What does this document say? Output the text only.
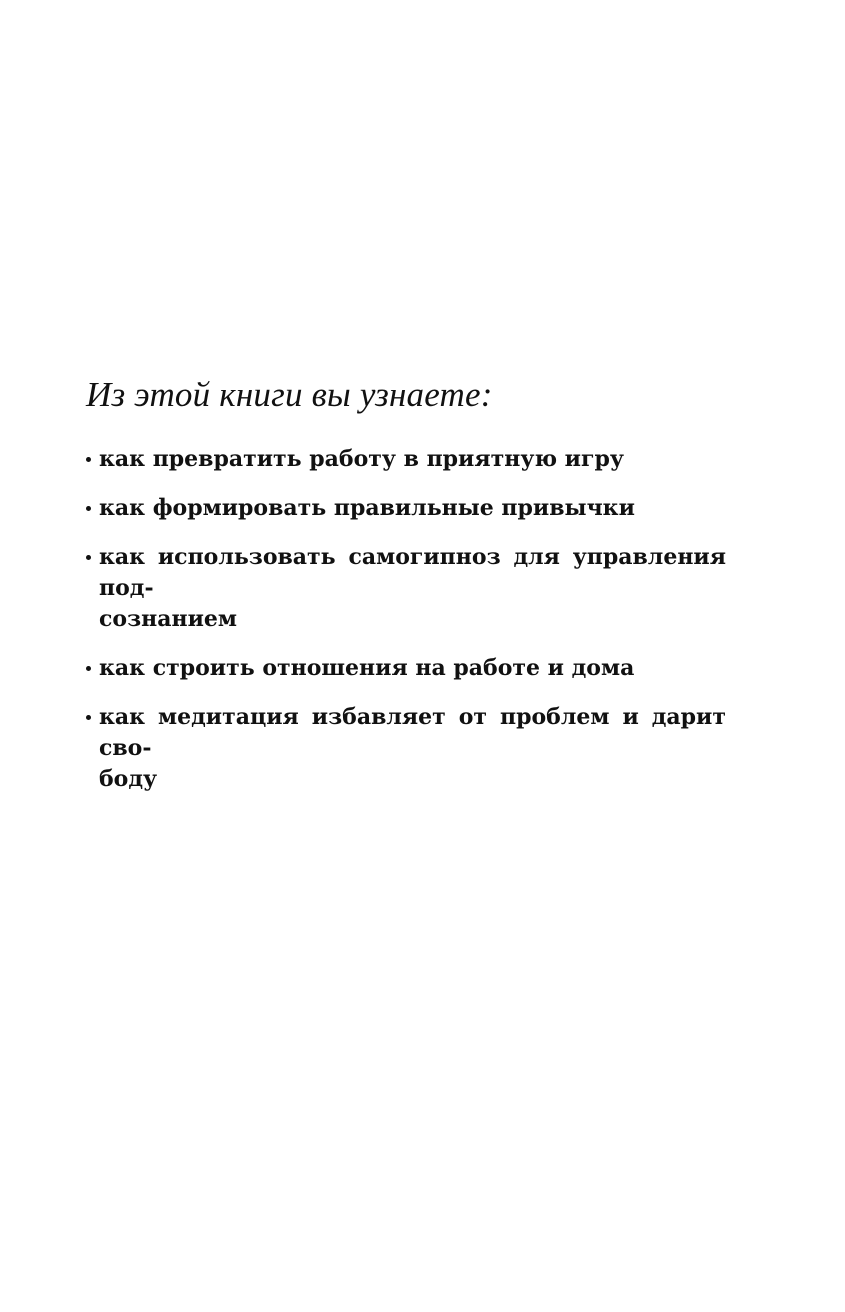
Из этой книги вы узнаете:
как превратить работу в приятную игру
как формировать правильные привычки
как использовать самогипноз для управления под-
сознанием
как строить отношения на работе и дома
как медитация избавляет от проблем и дарит сво-
боду
